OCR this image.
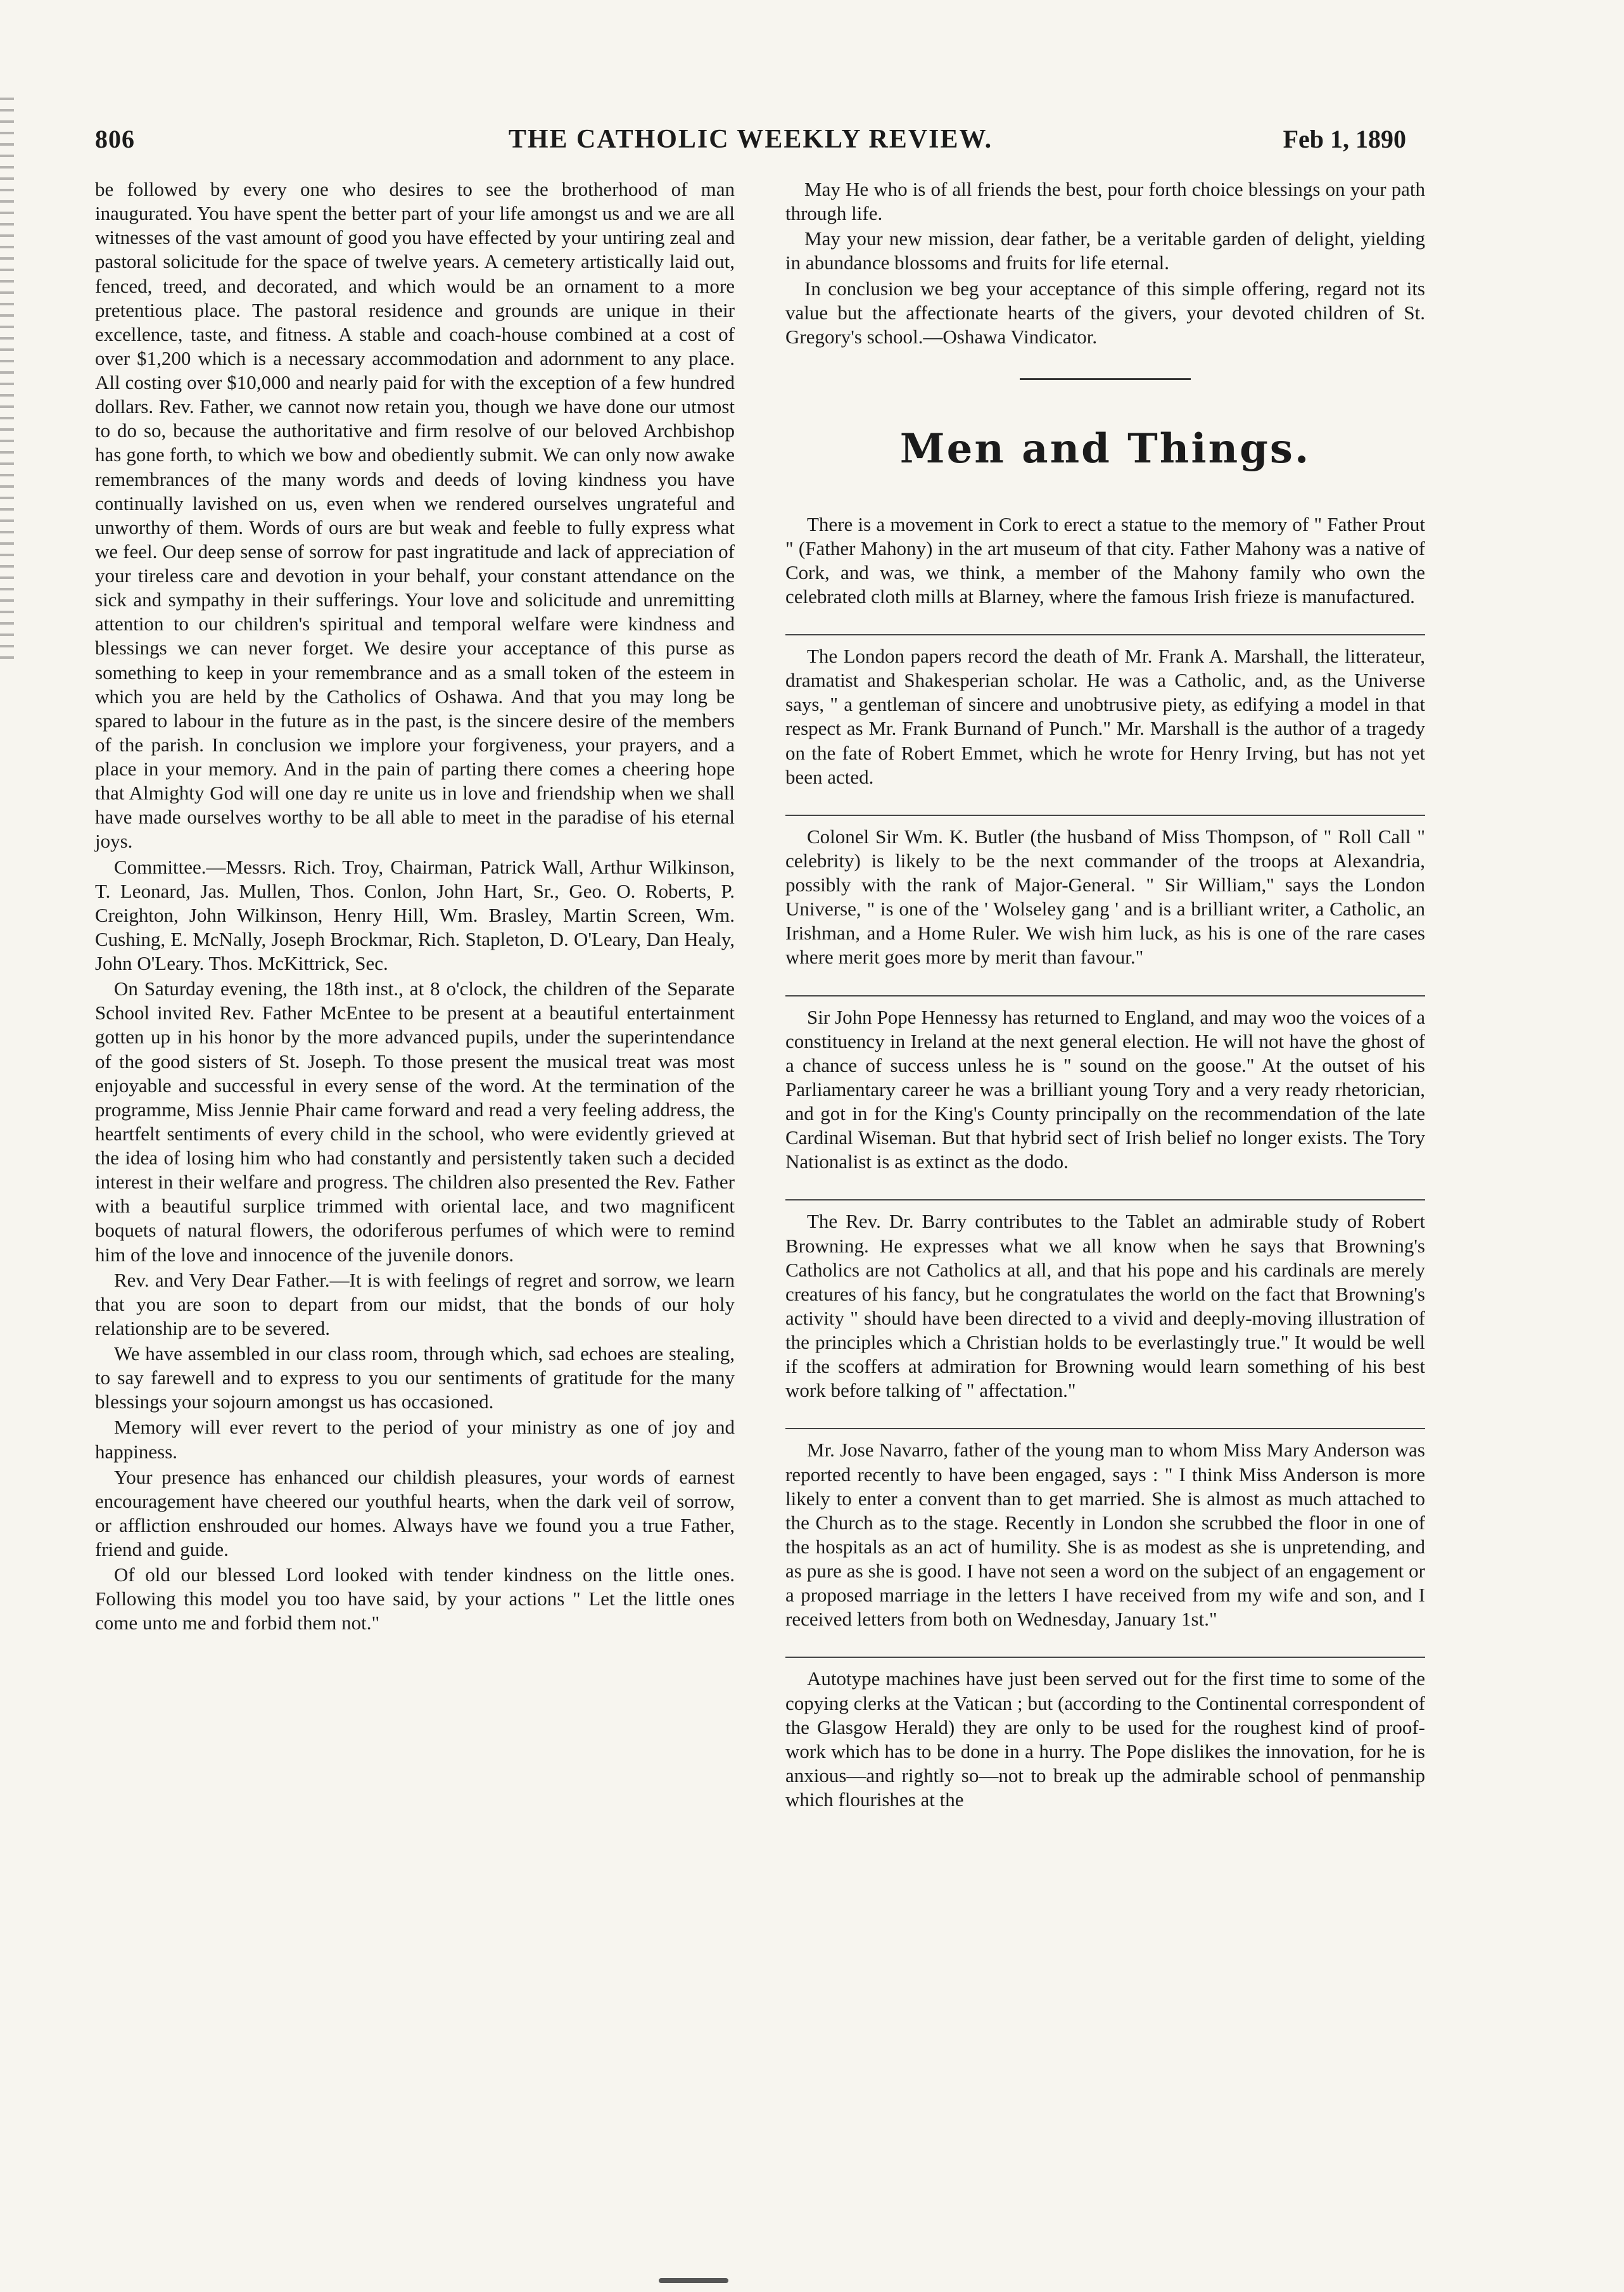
806	THE CATHOLIC WEEKLY REVIEW.	Feb 1, 1890

be followed by every one who desires to see the brotherhood of man inaugurated. You have spent the better part of your life amongst us and we are all witnesses of the vast amount of good you have effected by your untiring zeal and pastoral solicitude for the space of twelve years. A cemetery artistically laid out, fenced, treed, and decorated, and which would be an ornament to a more pretentious place. The pastoral residence and grounds are unique in their excellence, taste, and fitness. A stable and coach-house combined at a cost of over $1,200 which is a necessary accommodation and adornment to any place. All costing over $10,000 and nearly paid for with the exception of a few hundred dollars. Rev. Father, we cannot now retain you, though we have done our utmost to do so, because the authoritative and firm resolve of our beloved Archbishop has gone forth, to which we bow and obediently submit. We can only now awake remembrances of the many words and deeds of loving kindness you have continually lavished on us, even when we rendered ourselves ungrateful and unworthy of them. Words of ours are but weak and feeble to fully express what we feel. Our deep sense of sorrow for past ingratitude and lack of appreciation of your tireless care and devotion in your behalf, your constant attendance on the sick and sympathy in their sufferings. Your love and solicitude and unremitting attention to our children's spiritual and temporal welfare were kindness and blessings we can never forget. We desire your acceptance of this purse as something to keep in your remembrance and as a small token of the esteem in which you are held by the Catholics of Oshawa. And that you may long be spared to labour in the future as in the past, is the sincere desire of the members of the parish. In conclusion we implore your forgiveness, your prayers, and a place in your memory. And in the pain of parting there comes a cheering hope that Almighty God will one day re unite us in love and friendship when we shall have made ourselves worthy to be all able to meet in the paradise of his eternal joys.

Committee.—Messrs. Rich. Troy, Chairman, Patrick Wall, Arthur Wilkinson, T. Leonard, Jas. Mullen, Thos. Conlon, John Hart, Sr., Geo. O. Roberts, P. Creighton, John Wilkinson, Henry Hill, Wm. Brasley, Martin Screen, Wm. Cushing, E. McNally, Joseph Brockmar, Rich. Stapleton, D. O'Leary, Dan Healy, John O'Leary. Thos. McKittrick, Sec.

On Saturday evening, the 18th inst., at 8 o'clock, the children of the Separate School invited Rev. Father McEntee to be present at a beautiful entertainment gotten up in his honor by the more advanced pupils, under the superintendance of the good sisters of St. Joseph. To those present the musical treat was most enjoyable and successful in every sense of the word. At the termination of the programme, Miss Jennie Phair came forward and read a very feeling address, the heartfelt sentiments of every child in the school, who were evidently grieved at the idea of losing him who had constantly and persistently taken such a decided interest in their welfare and progress. The children also presented the Rev. Father with a beautiful surplice trimmed with oriental lace, and two magnificent boquets of natural flowers, the odoriferous perfumes of which were to remind him of the love and innocence of the juvenile donors.

Rev. and Very Dear Father.—It is with feelings of regret and sorrow, we learn that you are soon to depart from our midst, that the bonds of our holy relationship are to be severed.

We have assembled in our class room, through which, sad echoes are stealing, to say farewell and to express to you our sentiments of gratitude for the many blessings your sojourn amongst us has occasioned.

Memory will ever revert to the period of your ministry as one of joy and happiness.

Your presence has enhanced our childish pleasures, your words of earnest encouragement have cheered our youthful hearts, when the dark veil of sorrow, or affliction enshrouded our homes. Always have we found you a true Father, friend and guide.

Of old our blessed Lord looked with tender kindness on the little ones. Following this model you too have said, by your actions " Let the little ones come unto me and forbid them not."

May He who is of all friends the best, pour forth choice blessings on your path through life.

May your new mission, dear father, be a veritable garden of delight, yielding in abundance blossoms and fruits for life eternal.

In conclusion we beg your acceptance of this simple offering, regard not its value but the affectionate hearts of the givers, your devoted children of St. Gregory's school.—Oshawa Vindicator.

Men and Things.

There is a movement in Cork to erect a statue to the memory of " Father Prout " (Father Mahony) in the art museum of that city. Father Mahony was a native of Cork, and was, we think, a member of the Mahony family who own the celebrated cloth mills at Blarney, where the famous Irish frieze is manufactured.

The London papers record the death of Mr. Frank A. Marshall, the litterateur, dramatist and Shakesperian scholar. He was a Catholic, and, as the Universe says, " a gentleman of sincere and unobtrusive piety, as edifying a model in that respect as Mr. Frank Burnand of Punch." Mr. Marshall is the author of a tragedy on the fate of Robert Emmet, which he wrote for Henry Irving, but has not yet been acted.

Colonel Sir Wm. K. Butler (the husband of Miss Thompson, of " Roll Call " celebrity) is likely to be the next commander of the troops at Alexandria, possibly with the rank of Major-General. " Sir William," says the London Universe, " is one of the ' Wolseley gang ' and is a brilliant writer, a Catholic, an Irishman, and a Home Ruler. We wish him luck, as his is one of the rare cases where merit goes more by merit than favour."

Sir John Pope Hennessy has returned to England, and may woo the voices of a constituency in Ireland at the next general election. He will not have the ghost of a chance of success unless he is " sound on the goose." At the outset of his Parliamentary career he was a brilliant young Tory and a very ready rhetorician, and got in for the King's County principally on the recommendation of the late Cardinal Wiseman. But that hybrid sect of Irish belief no longer exists. The Tory Nationalist is as extinct as the dodo.

The Rev. Dr. Barry contributes to the Tablet an admirable study of Robert Browning. He expresses what we all know when he says that Browning's Catholics are not Catholics at all, and that his pope and his cardinals are merely creatures of his fancy, but he congratulates the world on the fact that Browning's activity " should have been directed to a vivid and deeply-moving illustration of the principles which a Christian holds to be everlastingly true." It would be well if the scoffers at admiration for Browning would learn something of his best work before talking of " affectation."

Mr. Jose Navarro, father of the young man to whom Miss Mary Anderson was reported recently to have been engaged, says : " I think Miss Anderson is more likely to enter a convent than to get married. She is almost as much attached to the Church as to the stage. Recently in London she scrubbed the floor in one of the hospitals as an act of humility. She is as modest as she is unpretending, and as pure as she is good. I have not seen a word on the subject of an engagement or a proposed marriage in the letters I have received from my wife and son, and I received letters from both on Wednesday, January 1st."

Autotype machines have just been served out for the first time to some of the copying clerks at the Vatican ; but (according to the Continental correspondent of the Glasgow Herald) they are only to be used for the roughest kind of proof-work which has to be done in a hurry. The Pope dislikes the innovation, for he is anxious—and rightly so—not to break up the admirable school of penmanship which flourishes at the
